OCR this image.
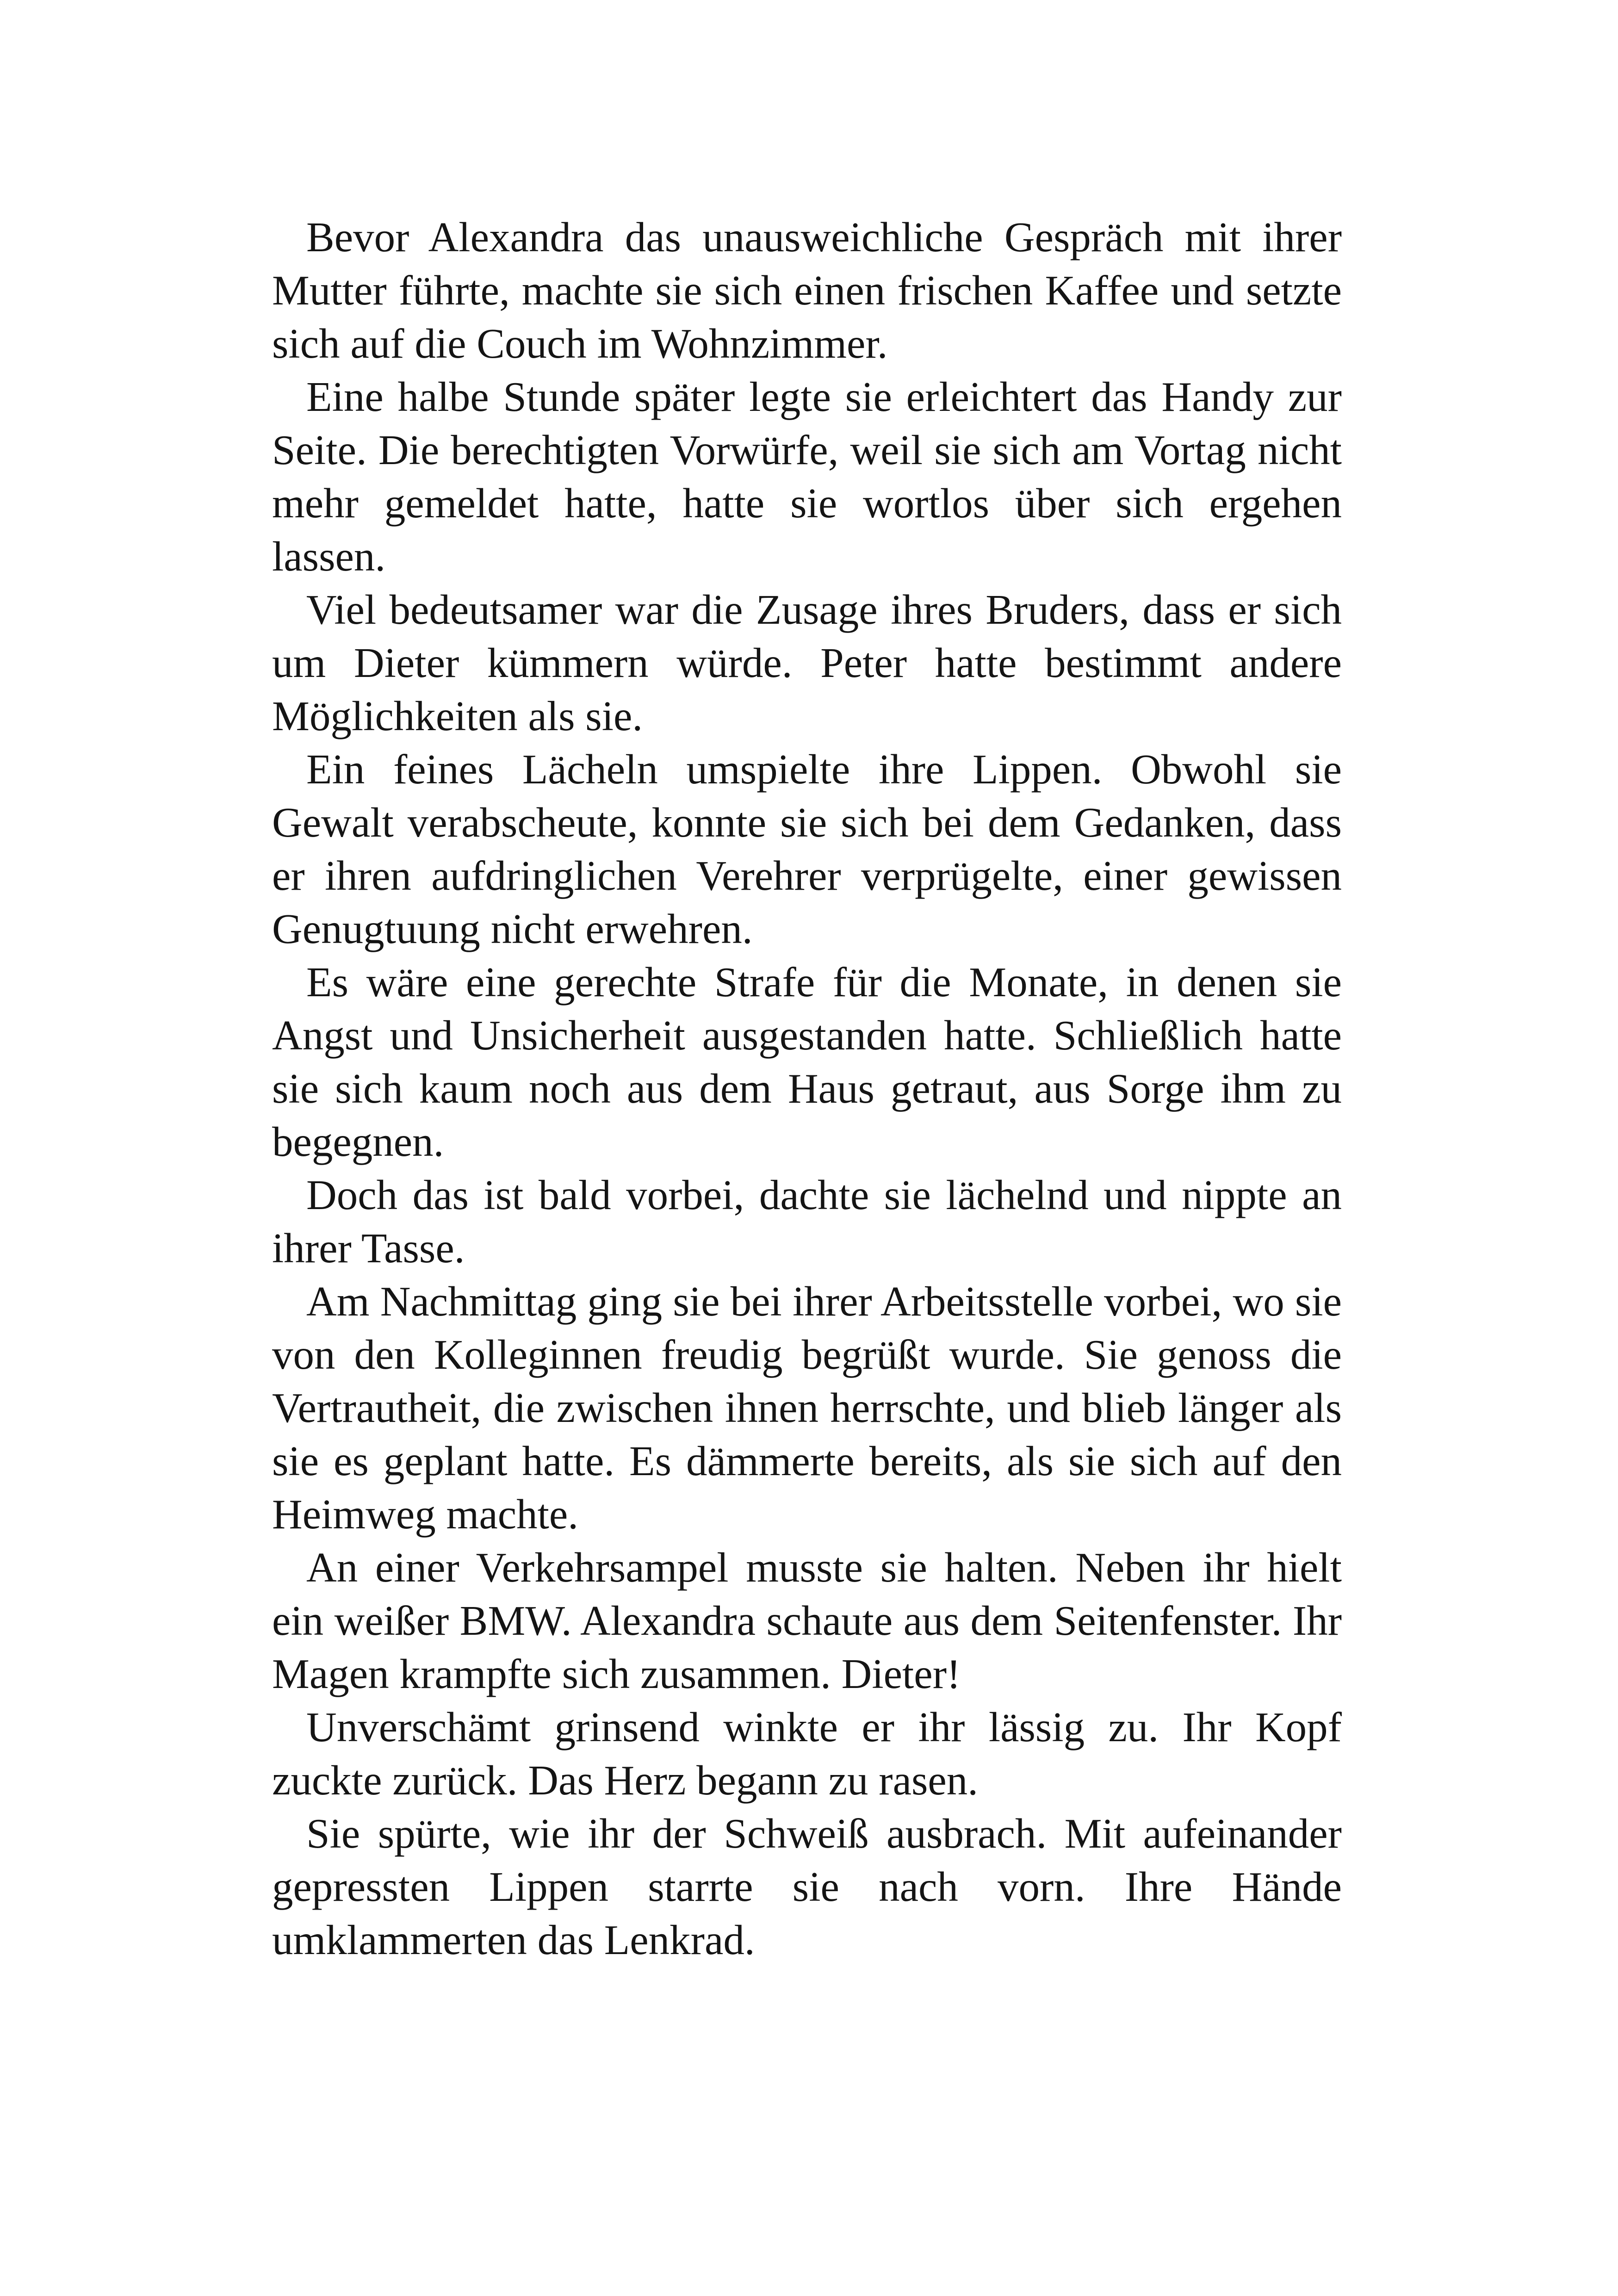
Bevor Alexandra das unausweichliche Gespräch mit ihrer Mutter führte, machte sie sich einen frischen Kaffee und setzte sich auf die Couch im Wohnzimmer.

Eine halbe Stunde später legte sie erleichtert das Handy zur Seite. Die berechtigten Vorwürfe, weil sie sich am Vortag nicht mehr gemeldet hatte, hatte sie wortlos über sich ergehen lassen.

Viel bedeutsamer war die Zusage ihres Bruders, dass er sich um Dieter kümmern würde. Peter hatte bestimmt andere Möglichkeiten als sie.

Ein feines Lächeln umspielte ihre Lippen. Obwohl sie Gewalt verabscheute, konnte sie sich bei dem Gedanken, dass er ihren aufdringlichen Verehrer verprügelte, einer gewissen Genugtuung nicht erwehren.

Es wäre eine gerechte Strafe für die Monate, in denen sie Angst und Unsicherheit ausgestanden hatte. Schließlich hatte sie sich kaum noch aus dem Haus getraut, aus Sorge ihm zu begegnen.

Doch das ist bald vorbei, dachte sie lächelnd und nippte an ihrer Tasse.

Am Nachmittag ging sie bei ihrer Arbeitsstelle vorbei, wo sie von den Kolleginnen freudig begrüßt wurde. Sie genoss die Vertrautheit, die zwischen ihnen herrschte, und blieb länger als sie es geplant hatte. Es dämmerte bereits, als sie sich auf den Heimweg machte.

An einer Verkehrsampel musste sie halten. Neben ihr hielt ein weißer BMW. Alexandra schaute aus dem Seitenfenster. Ihr Magen krampfte sich zusammen. Dieter!

Unverschämt grinsend winkte er ihr lässig zu. Ihr Kopf zuckte zurück. Das Herz begann zu rasen.

Sie spürte, wie ihr der Schweiß ausbrach. Mit aufeinander gepressten Lippen starrte sie nach vorn. Ihre Hände umklammerten das Lenkrad.
